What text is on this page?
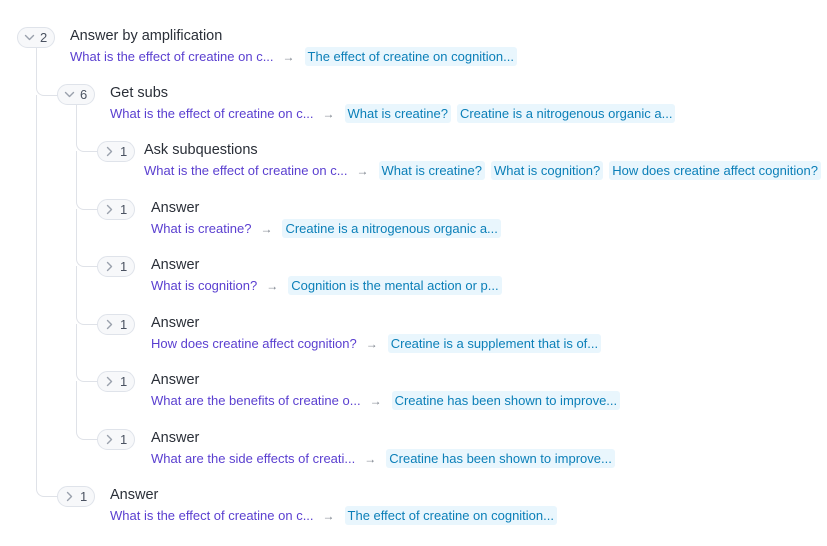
2 Answer by amplification
What is the effect of creatine on c... → The effect of creatine on cognition...
6 Get subs
What is the effect of creatine on c... → What is creatine? Creatine is a nitrogenous organic a...
1 Ask subquestions
What is the effect of creatine on c... → What is creatine? What is cognition? How does creatine affect cognition?
1 Answer
What is creatine? → Creatine is a nitrogenous organic a...
1 Answer
What is cognition? → Cognition is the mental action or p...
1 Answer
How does creatine affect cognition? → Creatine is a supplement that is of...
1 Answer
What are the benefits of creatine o... → Creatine has been shown to improve...
1 Answer
What are the side effects of creati... → Creatine has been shown to improve...
1 Answer
What is the effect of creatine on c... → The effect of creatine on cognition...
